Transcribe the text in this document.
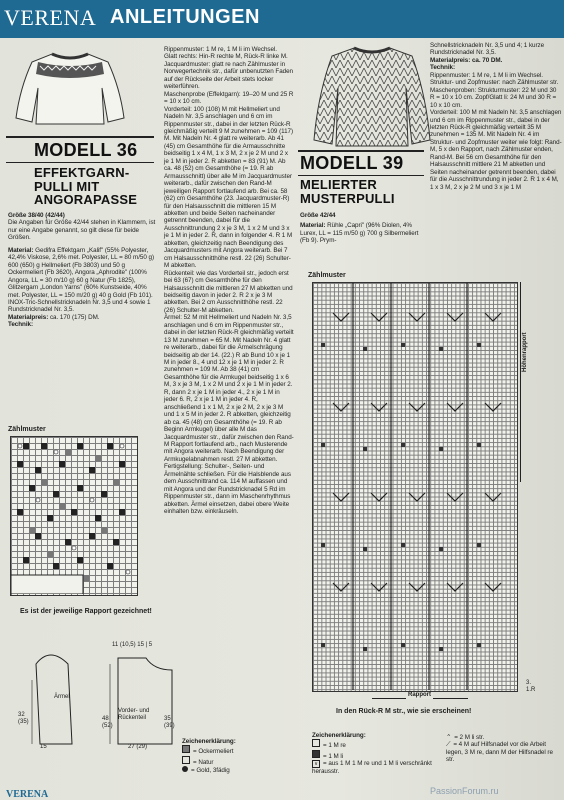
VERENA ANLEITUNGEN
MODELL 36
EFFEKTGARN-
PULLI MIT
ANGORAPASSE

Größe 38/40 (42/44)

Die Angaben für Größe 42/44 stehen in Klammern, ist nur eine Angabe genannt, so gilt diese für beide Größen.

Material: Gedifra Effektgarn „Kalif" (55% Polyester, 42,4% Viskose, 2,6% met. Polyester, LL = 80 m/50 g) 600 (650) g Hellmeliert (Fb 3803) und 50 g Ockermeliert (Fb 3620), Angora „Aphrodite" (100% Angora, LL = 30 m/10 g) 60 g Natur (Fb 1825), Glitzergarn „London Yarns" (60% Kunstseide, 40% met. Polyester, LL = 150 m/20 g) 40 g Gold (Fb 101). INOX-Tric-Schnellstricknadeln Nr. 3,5 und 4 sowie 1 Rundstricknadel Nr. 3,5.

Materialpreis: ca. 170 (175) DM.

Technik:

Zählmuster
Es ist der jeweilige Rapport gezeichnet!
11 (10,5) 15 | 5
Ärmel
Vorder- und Rückenteil
32 (35)	48 (52)
35 (39)
27 (29)
15

Zeichenerklärung:

= Ockermeliert

= Natur

= Gold, 3fädig

Rippenmuster: 1 M re, 1 M li im Wechsel.

Glatt rechts: Hin-R rechte M, Rück-R linke M.

Jacquardmuster: glatt re nach Zählmuster in Norwegertechnik str., dafür unbenutzten Faden auf der Rückseite der Arbeit stets locker weiterführen.

Maschenprobe (Effektgarn): 19–20 M und 25 R = 10 x 10 cm.

Vorderteil: 100 (108) M mit Hellmeliert und Nadeln Nr. 3,5 anschlagen und 6 cm im Rippenmuster str., dabei in der letzten Rück-R gleichmäßig verteilt 9 M zunehmen = 109 (117) M. Mit Nadeln Nr. 4 glatt re weiterarb. Ab 41 (45) cm Gesamthöhe für die Armausschnitte beidseitig 1 x 4 M, 1 x 3 M, 2 x je 2 M und 2 x je 1 M in jeder 2. R abketten = 83 (91) M. Ab ca. 48 (52) cm Gesamthöhe (= 19. R ab Armausschnitt) über alle M im Jacquardmuster weiterarb., dafür zwischen den Rand-M jeweiligen Rapport fortlaufend arb. Bei ca. 58 (62) cm Gesamthöhe (23. Jacquardmuster-R) für den Halsausschnitt die mittleren 15 M abketten und beide Seiten nacheinander getrennt beenden, dabei für die Ausschnittrundung 2 x je 3 M, 1 x 2 M und 3 x je 1 M in jeder 2. R, dann in folgender 4. R 1 M abketten, gleichzeitig nach Beendigung des Jacquardmusters mit Angora weiterarb. Bei 7 cm Halsausschnitthöhe restl. 22 (26) Schulter-M abketten.

Rückenteil: wie das Vorderteil str., jedoch erst bei 63 (67) cm Gesamthöhe für den Halsausschnitt die mittleren 27 M abketten und beidseitig davon in jeder 2. R 2 x je 3 M abketten. Bei 2 cm Ausschnitthöhe restl. 22 (26) Schulter-M abketten.

Ärmel: 52 M mit Hellmeliert und Nadeln Nr. 3,5 anschlagen und 6 cm im Rippenmuster str., dabei in der letzten Rück-R gleichmäßig verteilt 13 M zunehmen = 65 M. Mit Nadeln Nr. 4 glatt re weiterarb., dabei für die Ärmelschrägung beidseitig ab der 14. (22.) R ab Bund 10 x je 1 M in jeder 8., 4 und 12 x je 1 M in jeder 2. R zunehmen = 109 M. Ab 38 (41) cm Gesamthöhe für die Armkugel beidseitig 1 x 6 M, 3 x je 3 M, 1 x 2 M und 2 x je 1 M in jeder 2. R, dann 2 x je 1 M in jeder 4., 2 x je 1 M in jeder 6. R, 2 x je 1 M in jeder 4. R, anschließend 1 x 1 M, 2 x je 2 M, 2 x je 3 M und 1 x 5 M in jeder 2. R abketten, gleichzeitig ab ca. 45 (48) cm Gesamthöhe (= 19. R ab Beginn Armkugel) über alle M das Jacquardmuster str., dafür zwischen den Rand-M Rapport fortlaufend arb., nach Musterende mit Angora weiterarb. Nach Beendigung der Armkugelabnahmen restl. 27 M abketten.

Fertigstellung: Schulter-, Seiten- und Ärmelnähte schließen. Für die Halsblende aus dem Ausschnittrand ca. 114 M auffassen und mit Angora und der Rundstricknadel 5 Rd im Rippenmuster str., dann im Maschenrhythmus abketten. Ärmel einsetzen, dabei obere Weite einhalten bzw. einkräuseln.

MODELL 39
MELIERTER
MUSTERPULLI

Größe 42/44

Material: Rühle „Capri" (96% Diolen, 4% Lurex, LL = 115 m/50 g) 700 g Silbermeliert (Fb 9). Prym-

Schnellstricknadeln Nr. 3,5 und 4; 1 kurze Rundstricknadel Nr. 3,5.

Materialpreis: ca. 70 DM.

Technik:

Rippenmuster: 1 M re, 1 M li im Wechsel.

Struktur- und Zopfmuster: nach Zählmuster str.

Maschenproben: Strukturmuster: 22 M und 30 R = 10 x 10 cm. Zopf/Glatt li: 24 M und 30 R = 10 x 10 cm.

Vorderteil: 100 M mit Nadeln Nr. 3,5 anschlagen und 6 cm im Rippenmuster str., dabei in der letzten Rück-R gleichmäßig verteilt 35 M zunehmen = 135 M. Mit Nadeln Nr. 4 im Struktur- und Zopfmuster weiter wie folgt: Rand-M, 5 x den Rapport, nach Zählmuster enden, Rand-M. Bei 56 cm Gesamthöhe für den Halsausschnitt mittlere 21 M abketten und Seiten nacheinander getrennt beenden, dabei für die Ausschnittrundung in jeder 2. R 1 x 4 M, 1 x 3 M, 2 x je 2 M und 3 x je 1 M

Zählmuster
Höhenrapport
3.
1.R
Rapport
In den Rück-R M str., wie sie erscheinen!

Zeichenerklärung:

= 1 M re

= 1 M li

∨ = aus 1 M 1 M re und 1 M li verschränkt herausstr.

⌃ = 2 M li str.

⟋ = 4 M auf Hilfsnadel vor die Arbeit legen, 3 M re, dann M der Hilfsnadel re str.

VERENA	PassionForum.ru
